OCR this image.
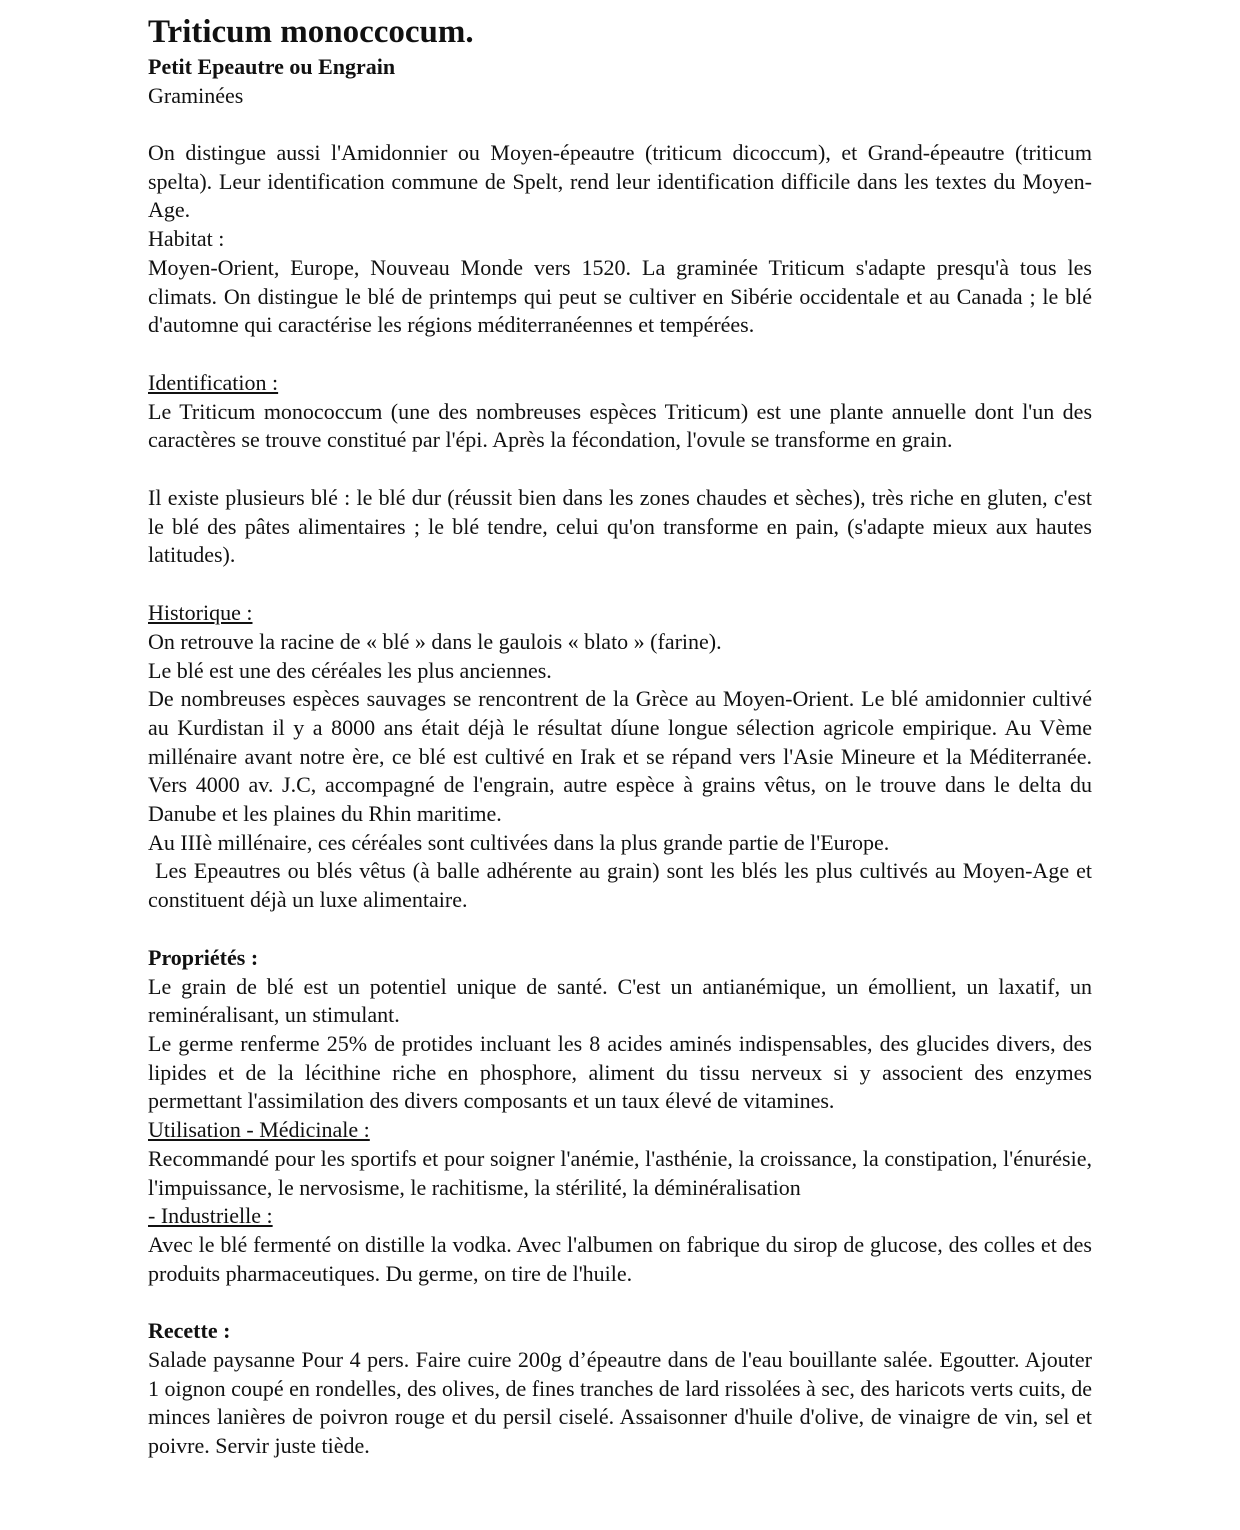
Triticum monoccocum.

Petit Epeautre ou Engrain

Graminées

On distingue aussi l'Amidonnier ou Moyen-épeautre (triticum dicoccum), et Grand-épeautre (triticum spelta). Leur identification commune de Spelt, rend leur identification difficile dans les textes du Moyen-Age.

Habitat :

Moyen-Orient, Europe, Nouveau Monde vers 1520. La graminée Triticum s'adapte presqu'à tous les climats. On distingue le blé de printemps qui peut se cultiver en Sibérie occidentale et au Canada ; le blé d'automne qui caractérise les régions méditerranéennes et tempérées.

Identification :

Le Triticum monococcum (une des nombreuses espèces Triticum) est une plante annuelle dont l'un des caractères se trouve constitué par l'épi. Après la fécondation, l'ovule se transforme en grain.

Il existe plusieurs blé : le blé dur (réussit bien dans les zones chaudes et sèches), très riche en gluten, c'est le blé des pâtes alimentaires ; le blé tendre, celui qu'on transforme en pain, (s'adapte mieux aux hautes latitudes).

Historique :

On retrouve la racine de « blé » dans le gaulois « blato » (farine).

Le blé est une des céréales les plus anciennes.

De nombreuses espèces sauvages se rencontrent de la Grèce au Moyen-Orient. Le blé amidonnier cultivé au Kurdistan il y a 8000 ans était déjà le résultat díune longue sélection agricole empirique. Au Vème millénaire avant notre ère, ce blé est cultivé en Irak et se répand vers l'Asie Mineure et la Méditerranée. Vers 4000 av. J.C, accompagné de l'engrain, autre espèce à grains vêtus, on le trouve dans le delta du Danube et les plaines du Rhin maritime.

Au IIIè millénaire, ces céréales sont cultivées dans la plus grande partie de l'Europe.

Les Epeautres ou blés vêtus (à balle adhérente au grain) sont les blés les plus cultivés au Moyen-Age et constituent déjà un luxe alimentaire.

Propriétés :

Le grain de blé est un potentiel unique de santé. C'est un antianémique, un émollient, un laxatif, un reminéralisant, un stimulant.

Le germe renferme 25% de protides incluant les 8 acides aminés indispensables, des glucides divers, des lipides et de la lécithine riche en phosphore, aliment du tissu nerveux si y associent des enzymes permettant l'assimilation des divers composants et un taux élevé de vitamines.

Utilisation - Médicinale :

Recommandé pour les sportifs et pour soigner l'anémie, l'asthénie, la croissance, la constipation, l'énurésie, l'impuissance, le nervosisme, le rachitisme, la stérilité, la déminéralisation

- Industrielle :

Avec le blé fermenté on distille la vodka. Avec l'albumen on fabrique du sirop de glucose, des colles et des produits pharmaceutiques. Du germe, on tire de l'huile.

Recette :

Salade paysanne Pour 4 pers. Faire cuire 200g d’épeautre dans de l'eau bouillante salée. Egoutter. Ajouter 1 oignon coupé en rondelles, des olives, de fines tranches de lard rissolées à sec, des haricots verts cuits, de minces lanières de poivron rouge et du persil ciselé. Assaisonner d'huile d'olive, de vinaigre de vin, sel et poivre. Servir juste tiède.
